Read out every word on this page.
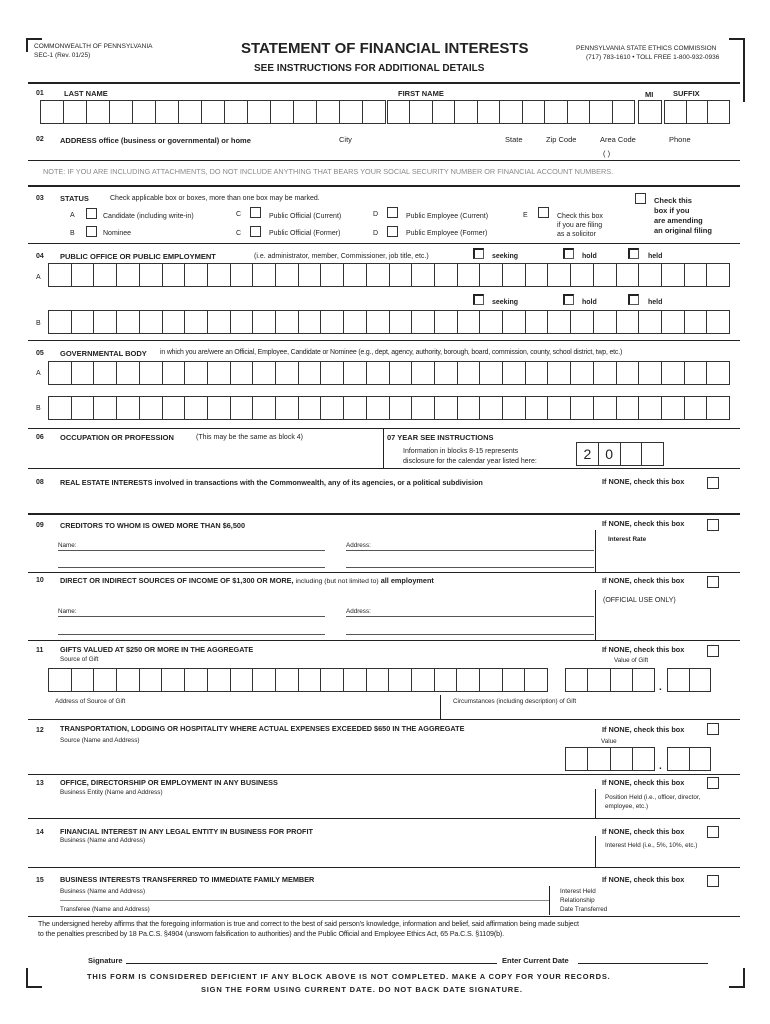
COMMONWEALTH OF PENNSYLVANIA
SEC-1 (Rev. 01/25)	STATEMENT OF FINANCIAL INTERESTS
SEE INSTRUCTIONS FOR ADDITIONAL DETAILS
PENNSYLVANIA STATE ETHICS COMMISSION
(717) 783-1610 • TOLL FREE 1-800-932-0936
01	LAST NAME	FIRST NAME	MI	SUFFIX
02 ADDRESS office (business or governmental) or home	City	State	Zip Code	Area Code	Phone
( )
NOTE: IF YOU ARE INCLUDING ATTACHMENTS, DO NOT INCLUDE ANYTHING THAT BEARS YOUR SOCIAL SECURITY NUMBER OR FINANCIAL ACCOUNT NUMBERS.
03 STATUS	Check applicable box or boxes, more than one box may be marked.
A	Candidate (including write-in)
B	Nominee
C	Public Official (Current)
C	Public Official (Former)
D	Public Employee (Current)
D	Public Employee (Former)
E	Check this box
if you are filing
as a solicitor
Check this
box if you
are amending
an original filing
04 PUBLIC OFFICE OR PUBLIC EMPLOYMENT	(i.e. administrator, member, Commissioner, job title, etc.)	seeking	hold	held
A
seeking	hold	held
B
05 GOVERNMENTAL BODY in which you are/were an Official, Employee, Candidate or Nominee (e.g., dept, agency, authority, borough, board, commission, county, school district, twp, etc.)
A
B
06 OCCUPATION OR PROFESSION	(This may be the same as block 4)	07 YEAR SEE INSTRUCTIONS
Information in blocks 8-15 represents
disclosure for the calendar year listed here:	2 0
08 REAL ESTATE INTERESTS involved in transactions with the Commonwealth, any of its agencies, or a political subdivision	If NONE, check this box
09 CREDITORS TO WHOM IS OWED MORE THAN $6,500	If NONE, check this box
Interest Rate
Name:	Address:
10 DIRECT OR INDIRECT SOURCES OF INCOME OF $1,300 OR MORE, including (but not limited to) all employment	If NONE, check this box
(OFFICIAL USE ONLY)
Name:	Address:
11 GIFTS VALUED AT $250 OR MORE IN THE AGGREGATE
Source of Gift
If NONE, check this box
Value of Gift
.
Address of Source of Gift	Circumstances (including description) of Gift
12 TRANSPORTATION, LODGING OR HOSPITALITY WHERE ACTUAL EXPENSES EXCEEDED $650 IN THE AGGREGATE
Source (Name and Address)
If NONE, check this box
Value
.
13 OFFICE, DIRECTORSHIP OR EMPLOYMENT IN ANY BUSINESS
Business Entity (Name and Address)
If NONE, check this box
Position Held (i.e., officer, director,
employee, etc.)
14 FINANCIAL INTEREST IN ANY LEGAL ENTITY IN BUSINESS FOR PROFIT
Business (Name and Address)
If NONE, check this box
Interest Held (i.e., 5%, 10%, etc.)
15 BUSINESS INTERESTS TRANSFERRED TO IMMEDIATE FAMILY MEMBER
Business (Name and Address)
If NONE, check this box
Interest Held
Relationship
Date Transferred
Transferee (Name and Address)
The undersigned hereby affirms that the foregoing information is true and correct to the best of said person's knowledge, information and belief, said affirmation being made subject
to the penalties prescribed by 18 Pa.C.S. §4904 (unsworn falsification to authorities) and the Public Official and Employee Ethics Act, 65 Pa.C.S. §1109(b).
Signature	Enter Current Date
THIS FORM IS CONSIDERED DEFICIENT IF ANY BLOCK ABOVE IS NOT COMPLETED. MAKE A COPY FOR YOUR RECORDS.
SIGN THE FORM USING CURRENT DATE. DO NOT BACK DATE SIGNATURE.
